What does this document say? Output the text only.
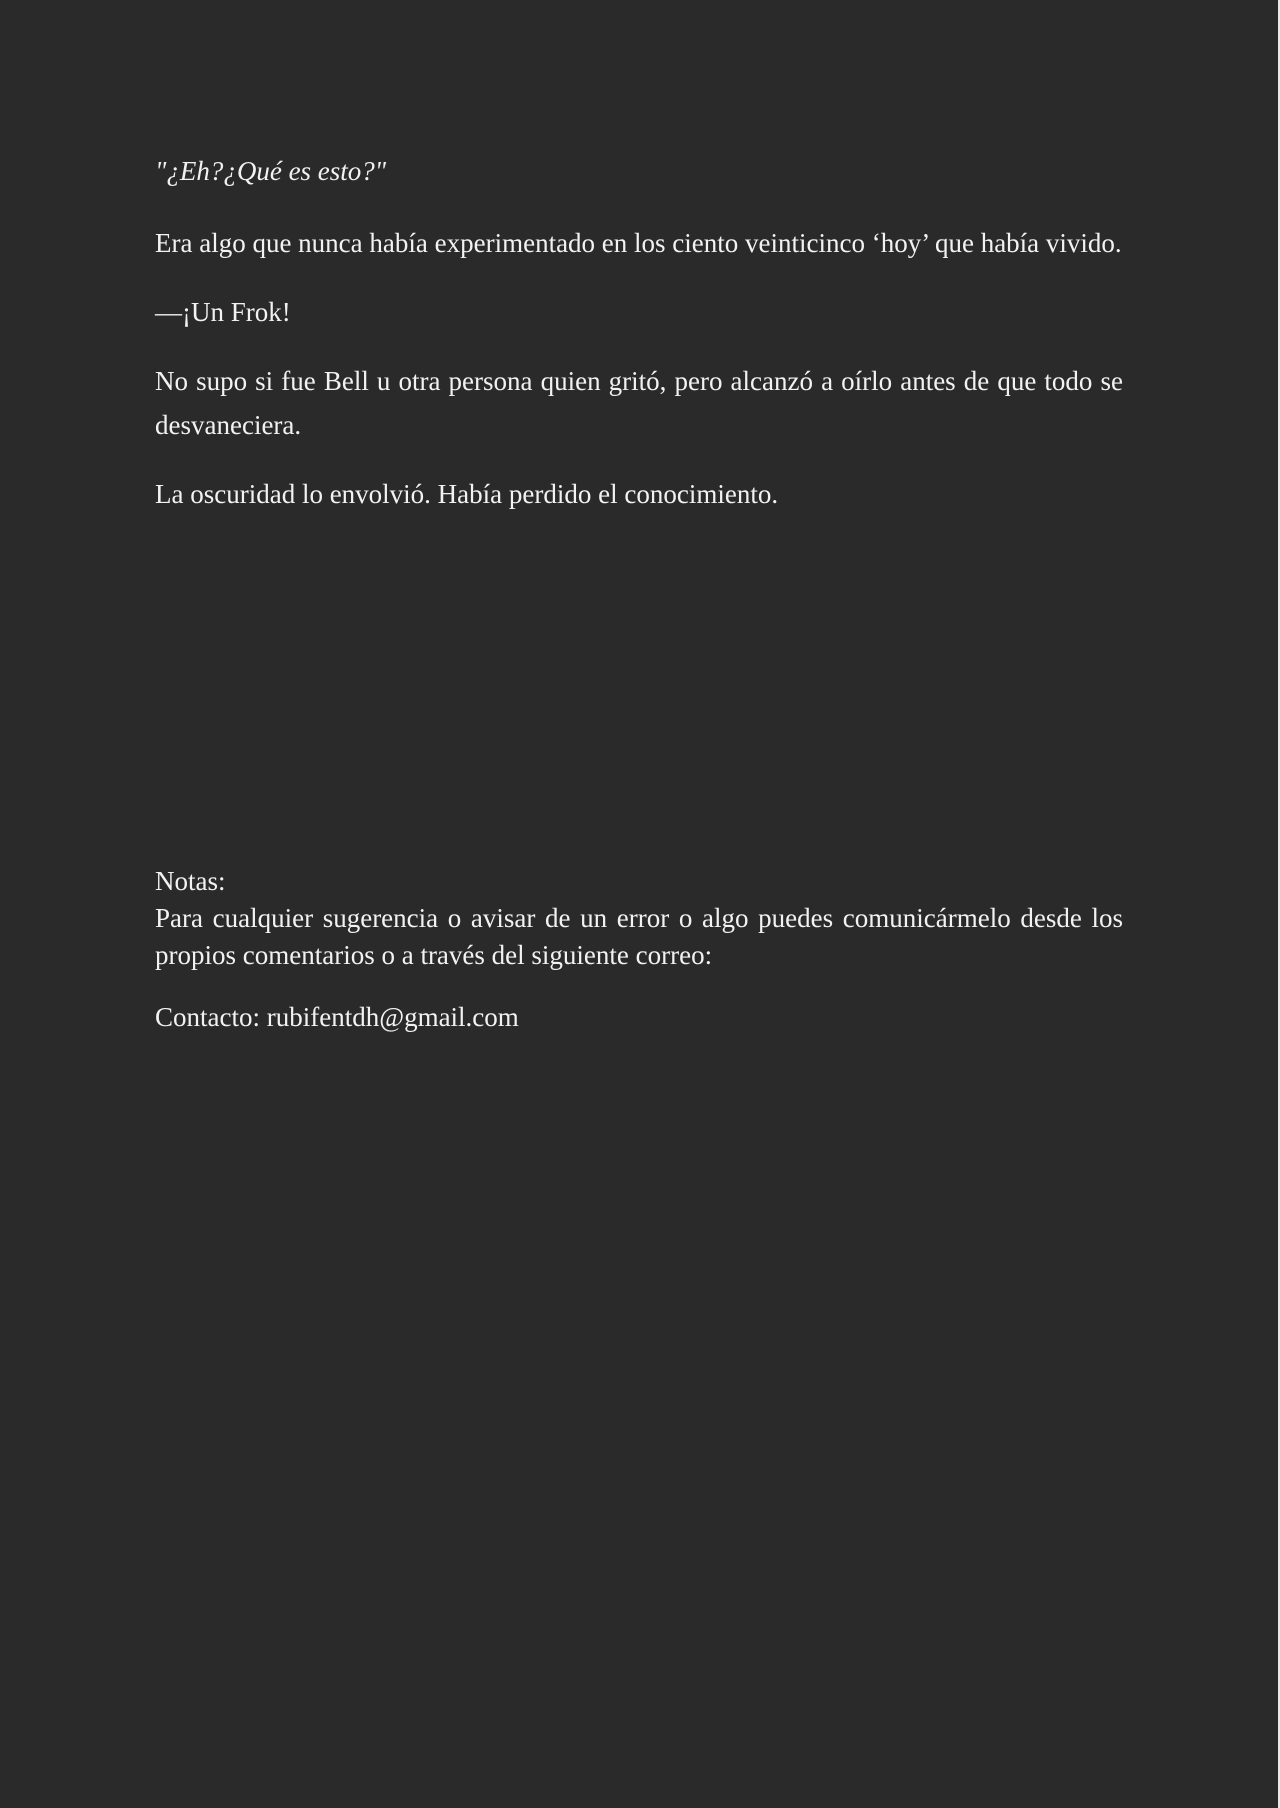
"¿Eh?¿Qué es esto?"

Era algo que nunca había experimentado en los ciento veinticinco ‘hoy’ que había vivido.

—¡Un Frok!

No supo si fue Bell u otra persona quien gritó, pero alcanzó a oírlo antes de que todo se desvaneciera.

La oscuridad lo envolvió. Había perdido el conocimiento.

Notas:

Para cualquier sugerencia o avisar de un error o algo puedes comunicármelo desde los propios comentarios o a través del siguiente correo:

Contacto: rubifentdh@gmail.com
